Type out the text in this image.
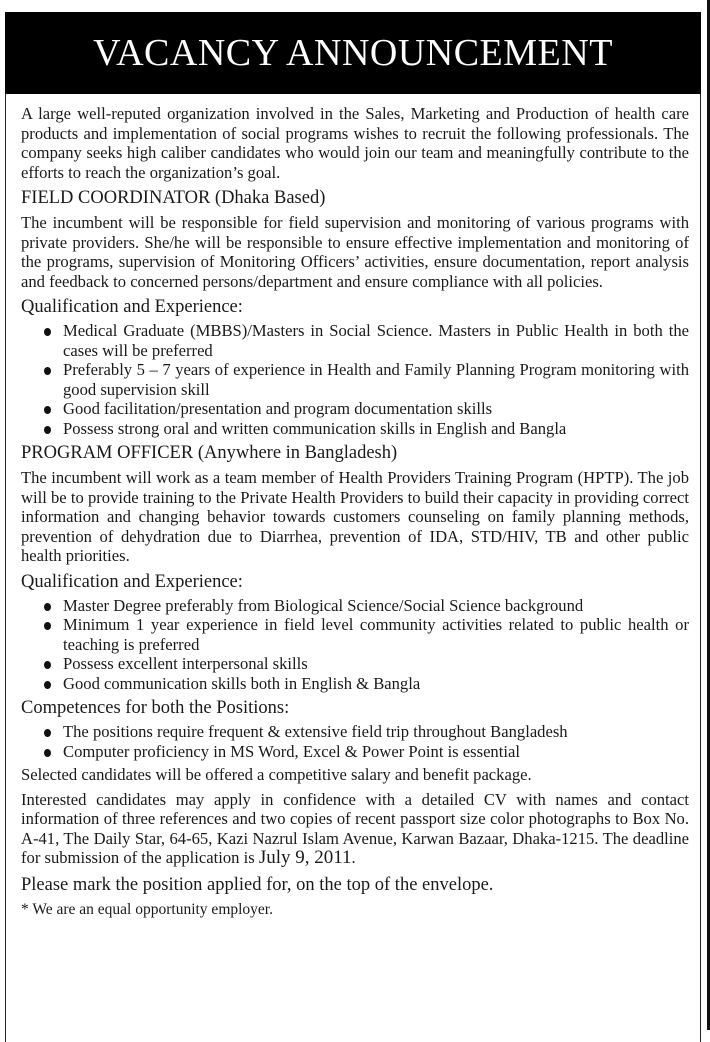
VACANCY ANNOUNCEMENT

A large well-reputed organization involved in the Sales, Marketing and Production of health care products and implementation of social programs wishes to recruit the following professionals. The company seeks high caliber candidates who would join our team and meaningfully contribute to the efforts to reach the organization’s goal.

FIELD COORDINATOR (Dhaka Based)

The incumbent will be responsible for field supervision and monitoring of various programs with private providers. She/he will be responsible to ensure effective implementation and monitoring of the programs, supervision of Monitoring Officers’ activities, ensure documentation, report analysis and feedback to concerned persons/department and ensure compliance with all policies.

Qualification and Experience:
Medical Graduate (MBBS)/Masters in Social Science. Masters in Public Health in both the cases will be preferred
Preferably 5 – 7 years of experience in Health and Family Planning Program monitoring with good supervision skill
Good facilitation/presentation and program documentation skills
Possess strong oral and written communication skills in English and Bangla
PROGRAM OFFICER (Anywhere in Bangladesh)

The incumbent will work as a team member of Health Providers Training Program (HPTP). The job will be to provide training to the Private Health Providers to build their capacity in providing correct information and changing behavior towards customers counseling on family planning methods, prevention of dehydration due to Diarrhea, prevention of IDA, STD/HIV, TB and other public health priorities.

Qualification and Experience:
Master Degree preferably from Biological Science/Social Science background
Minimum 1 year experience in field level community activities related to public health or teaching is preferred
Possess excellent interpersonal skills
Good communication skills both in English & Bangla
Competences for both the Positions:
The positions require frequent & extensive field trip throughout Bangladesh
Computer proficiency in MS Word, Excel & Power Point is essential

Selected candidates will be offered a competitive salary and benefit package.

Interested candidates may apply in confidence with a detailed CV with names and contact information of three references and two copies of recent passport size color photographs to Box No. A-41, The Daily Star, 64-65, Kazi Nazrul Islam Avenue, Karwan Bazaar, Dhaka-1215. The deadline for submission of the application is July 9, 2011.

Please mark the position applied for, on the top of the envelope.
* We are an equal opportunity employer.
